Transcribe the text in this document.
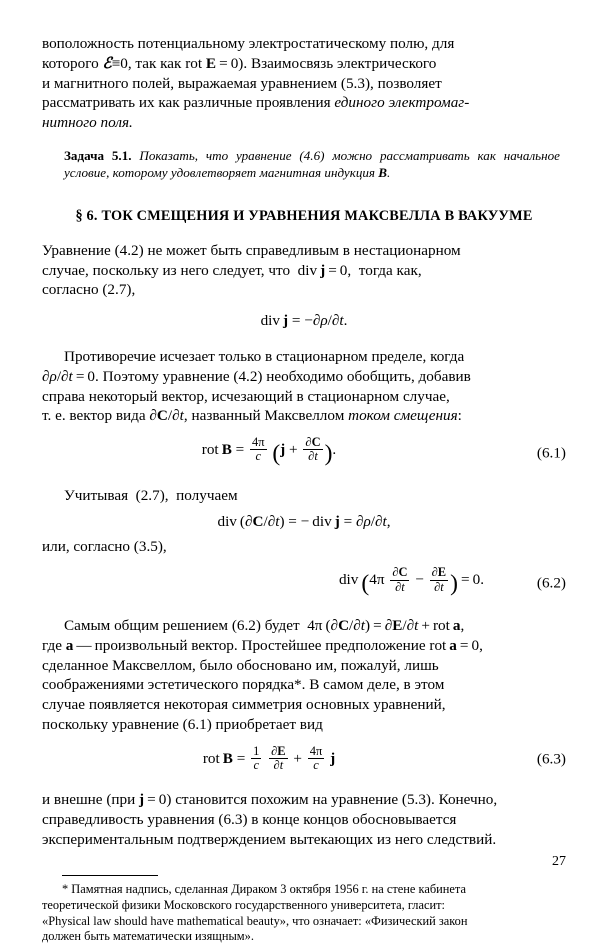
воположность потенциальному электростатическому полю, для

которого ℰ≡0, так как rot E = 0). Взаимосвязь электрического

и магнитного полей, выражаемая уравнением (5.3), позволяет

рассматривать их как различные проявления единого электромаг-

нитного поля.

Задача 5.1. Показать, что уравнение (4.6) можно рассматривать как начальное условие, которому удовлетворяет магнитная индукция B.

§ 6. ТОК СМЕЩЕНИЯ И УРАВНЕНИЯ МАКСВЕЛЛА В ВАКУУМЕ

Уравнение (4.2) не может быть справедливым в нестационарном

случае, поскольку из него следует, что  div j = 0,  тогда как,

согласно (2.7),

div  j = −∂ρ/∂t.

Противоречие исчезает только в стационарном пределе, когда

∂ρ/∂t = 0. Поэтому уравнение (4.2) необходимо обобщить, добавив

справа некоторый вектор, исчезающий в стационарном случае,

т. е. вектор вида ∂C/∂t, названный Максвеллом током смещения:

rot  $B = \frac{4\pi}{c} (j + \frac{\partial C}{\partial t}$ ).	(6.1)

Учитывая  (2.7),  получаем

div (∂C/∂t) = − div  j = ∂ρ/∂t,

или, согласно (3.5),

div  ($4\pi \frac{\partial C}{\partial t} - \frac{\partial E}{\partial t}$ ) = 0.	(6.2)

Самым общим решением (6.2) будет  4π (∂C/∂t) = ∂E/∂t + rot  a,

где a — произвольный вектор. Простейшее предположение rot a = 0,

сделанное Максвеллом, было обосновано им, пожалуй, лишь

соображениями эстетического порядка*. В самом деле, в этом

случае появляется некоторая симметрия основных уравнений,

поскольку уравнение (6.1) приобретает вид

rot  $B = \frac{1}{c}$
$\frac{\partial E}{\partial t} + \frac{4\pi}{c}$ j	(6.3)

и внешне (при j = 0) становится похожим на уравнение (5.3). Конечно,

справедливость уравнения (6.3) в конце концов обосновывается

экспериментальным подтверждением вытекающих из него следствий.

* Памятная надпись, сделанная Дираком 3 октября 1956 г. на стене кабинета

теоретической физики Московского государственного университета, гласит:

«Physical law should have mathematical beauty», что означает: «Физический закон

должен быть математически изящным».

27
